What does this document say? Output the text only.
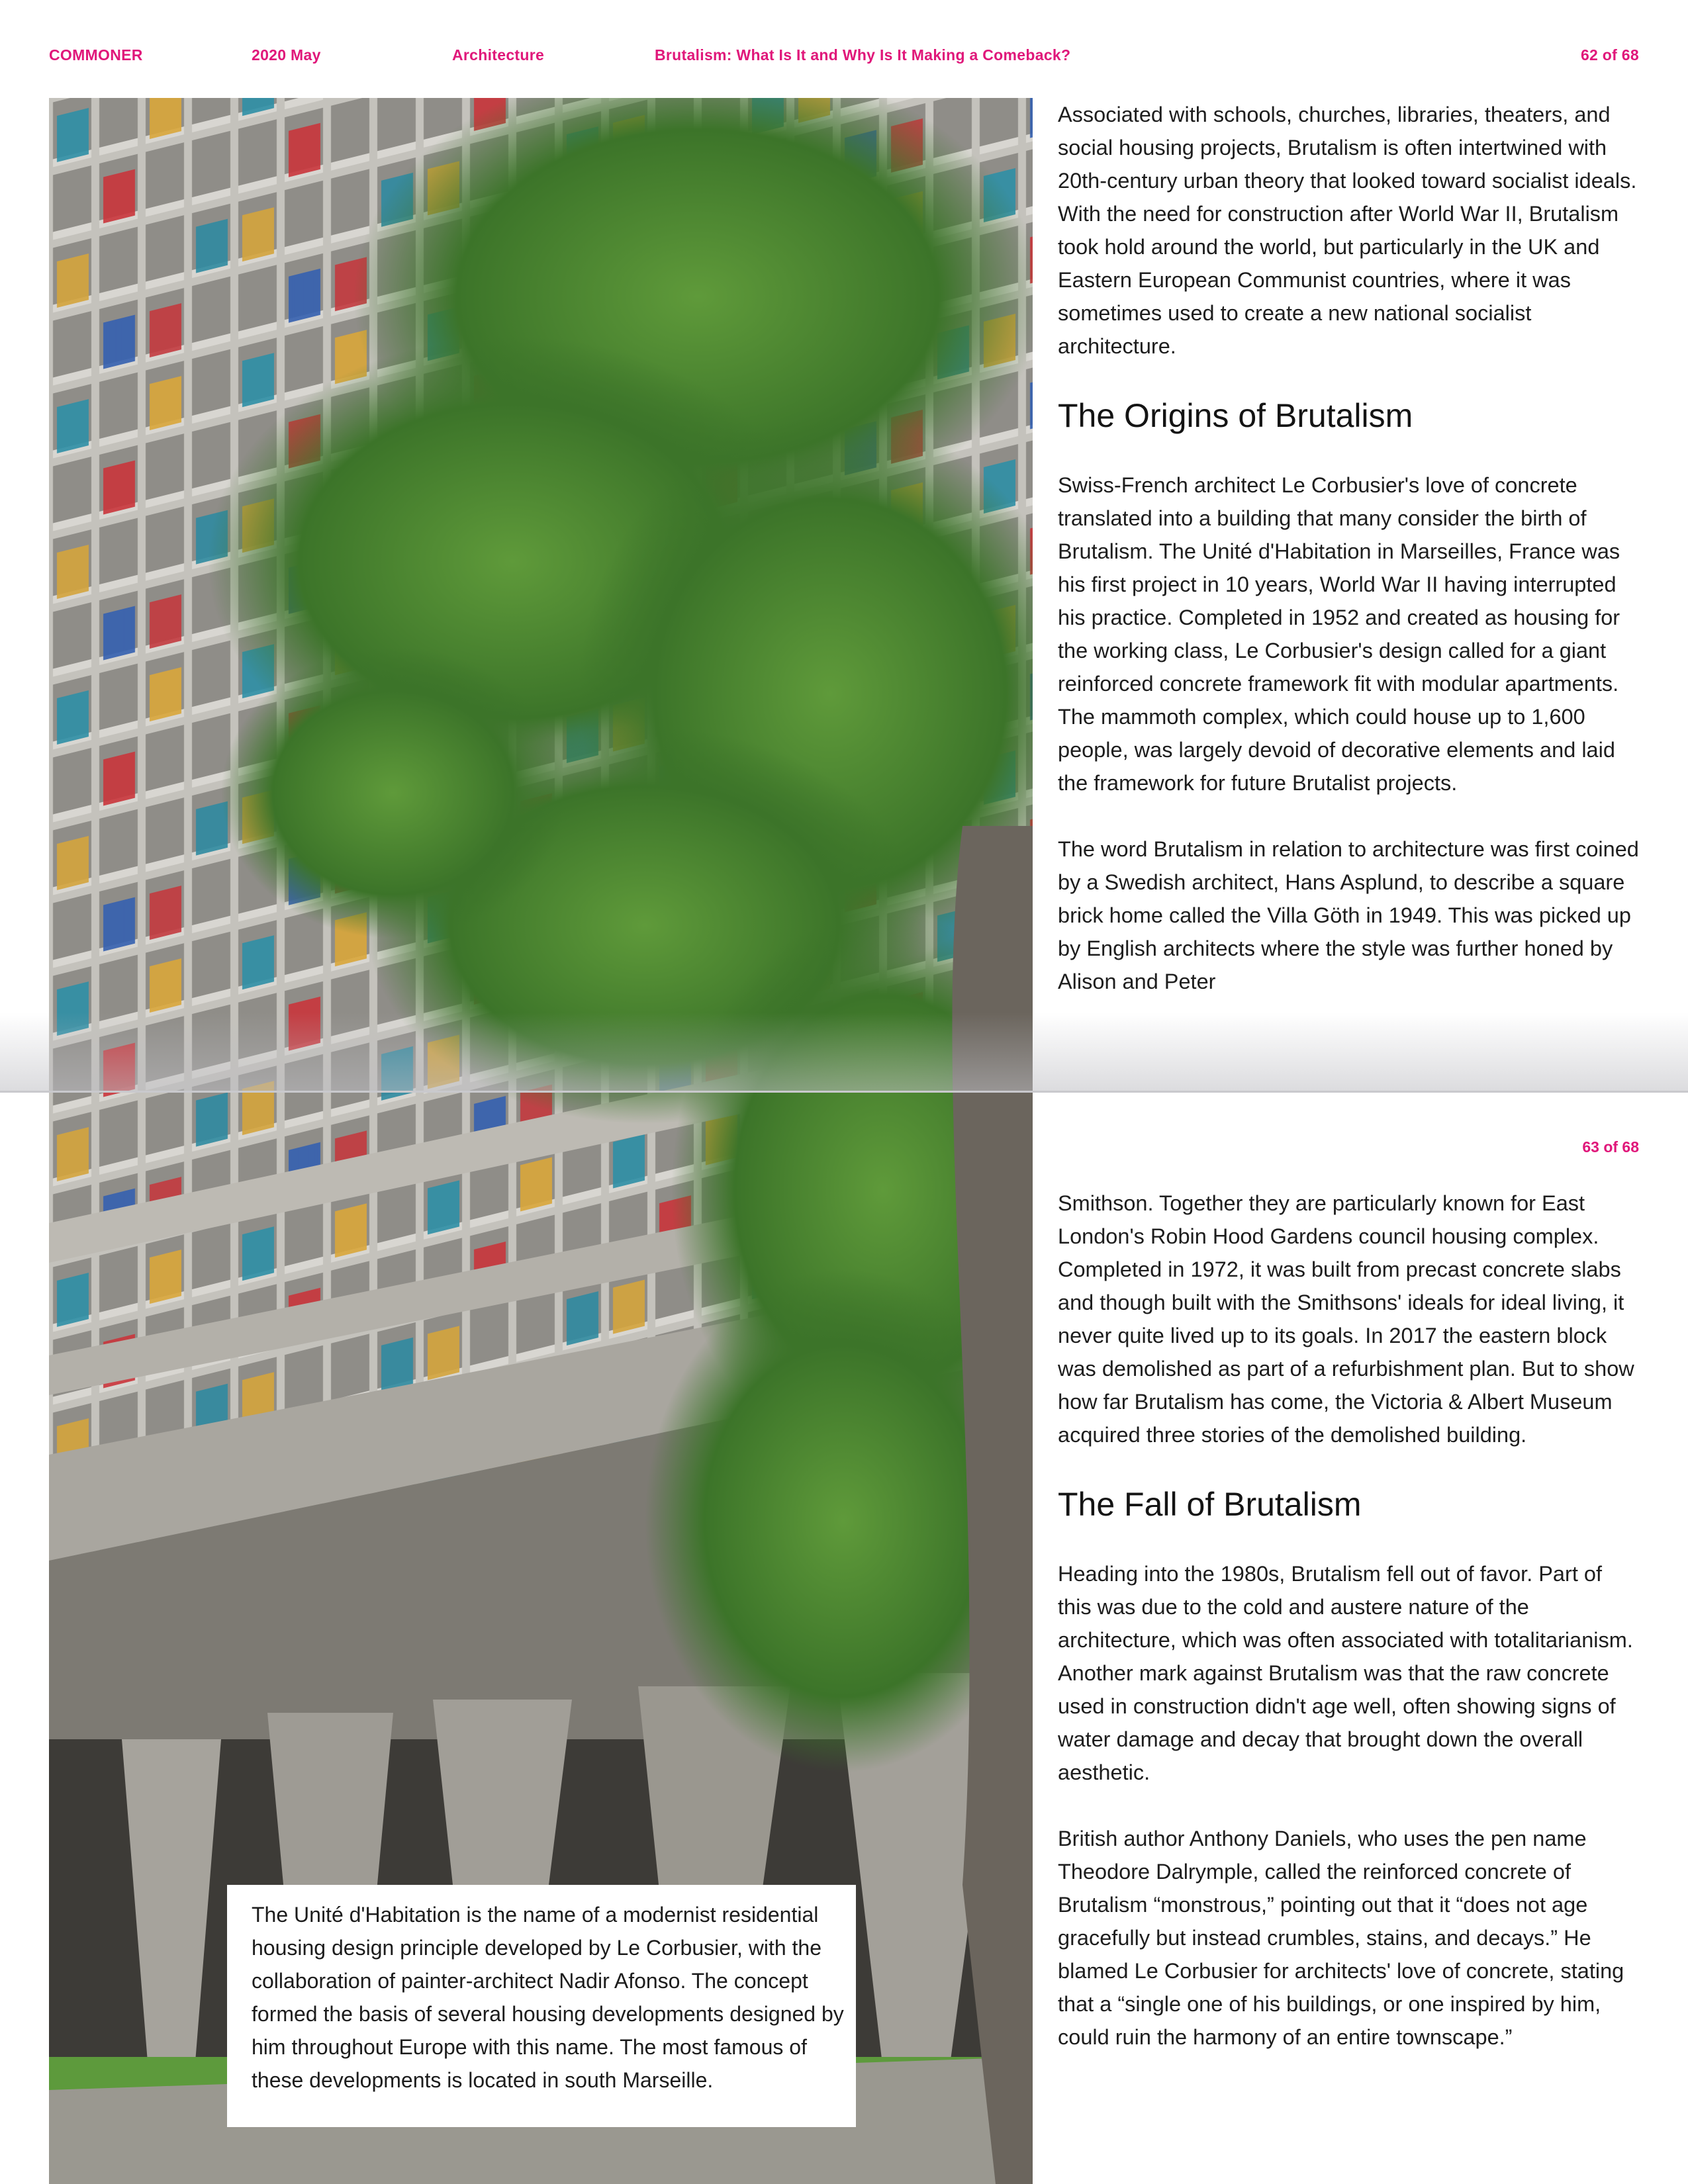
COMMONER	2020 May	Architecture	Brutalism: What Is It and Why Is It Making a Comeback?	62 of 68

Associated with schools, churches, libraries, theaters, and social housing projects, Brutalism is often intertwined with 20th-century urban theory that looked toward socialist ideals. With the need for construction after World War II, Brutalism took hold around the world, but particularly in the UK and Eastern European Communist countries, where it was sometimes used to create a new national socialist architecture.

The Origins of Brutalism

Swiss-French architect Le Corbusier's love of concrete translated into a building that many consider the birth of Brutalism. The Unité d'Habitation in Marseilles, France was his first project in 10 years, World War II having interrupted his practice. Completed in 1952 and created as housing for the working class, Le Corbusier's design called for a giant reinforced concrete framework fit with modular apartments. The mammoth complex, which could house up to 1,600 people, was largely devoid of decorative elements and laid the framework for future Brutalist projects.

The word Brutalism in relation to architecture was first coined by a Swedish architect, Hans Asplund, to describe a square brick home called the Villa Göth in 1949. This was picked up by English architects where the style was further honed by Alison and Peter

63 of 68

Smithson. Together they are particularly known for East London's Robin Hood Gardens council housing complex. Completed in 1972, it was built from precast concrete slabs and though built with the Smithsons' ideals for ideal living, it never quite lived up to its goals. In 2017 the eastern block was demolished as part of a refurbishment plan. But to show how far Brutalism has come, the Victoria & Albert Museum acquired three stories of the demolished building.

The Fall of Brutalism

Heading into the 1980s, Brutalism fell out of favor. Part of this was due to the cold and austere nature of the architecture, which was often associated with totalitarianism. Another mark against Brutalism was that the raw concrete used in construction didn't age well, often showing signs of water damage and decay that brought down the overall aesthetic.

British author Anthony Daniels, who uses the pen name Theodore Dalrymple, called the reinforced concrete of Brutalism “monstrous,” pointing out that it “does not age gracefully but instead crumbles, stains, and decays.” He blamed Le Corbusier for architects' love of concrete, stating that a “single one of his buildings, or one inspired by him, could ruin the harmony of an entire townscape.”

The Unité d'Habitation is the name of a modernist residential housing design principle developed by Le Corbusier, with the collaboration of painter-architect Nadir Afonso. The concept formed the basis of several housing developments designed by him throughout Europe with this name. The most famous of these developments is located in south Marseille.
